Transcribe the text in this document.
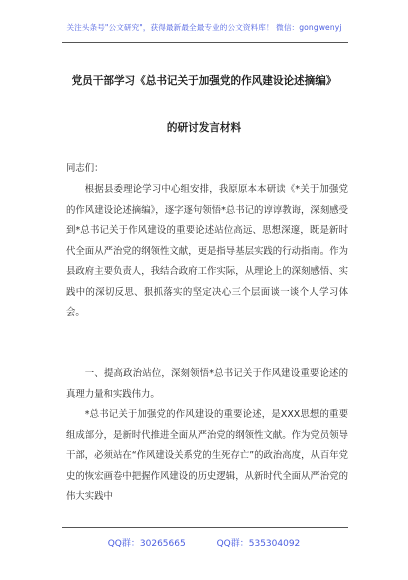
关注头条号"公文研究"，获得最新最全最专业的公文资料库！ 微信：gongwenyj
党员干部学习《总书记关于加强党的作风建设论述摘编》
的研讨发言材料
同志们：
根据县委理论学习中心组安排，我原原本本研读《*关于加强党的作风建设论述摘编》，逐字逐句领悟*总书记的谆谆教诲，深刻感受到*总书记关于作风建设的重要论述站位高远、思想深邃，既是新时代全面从严治党的纲领性文献，更是指导基层实践的行动指南。作为县政府主要负责人，我结合政府工作实际，从理论上的深刻感悟、实践中的深切反思、狠抓落实的坚定决心三个层面谈一谈个人学习体会。
一、提高政治站位，深刻领悟*总书记关于作风建设重要论述的真理力量和实践伟力。
*总书记关于加强党的作风建设的重要论述，是XXX思想的重要组成部分，是新时代推进全面从严治党的纲领性文献。作为党员领导干部，必须站在“作风建设关系党的生死存亡”的政治高度，从百年党史的恢宏画卷中把握作风建设的历史逻辑，从新时代全面从严治党的伟大实践中
QQ群：30265665	QQ群：535304092
